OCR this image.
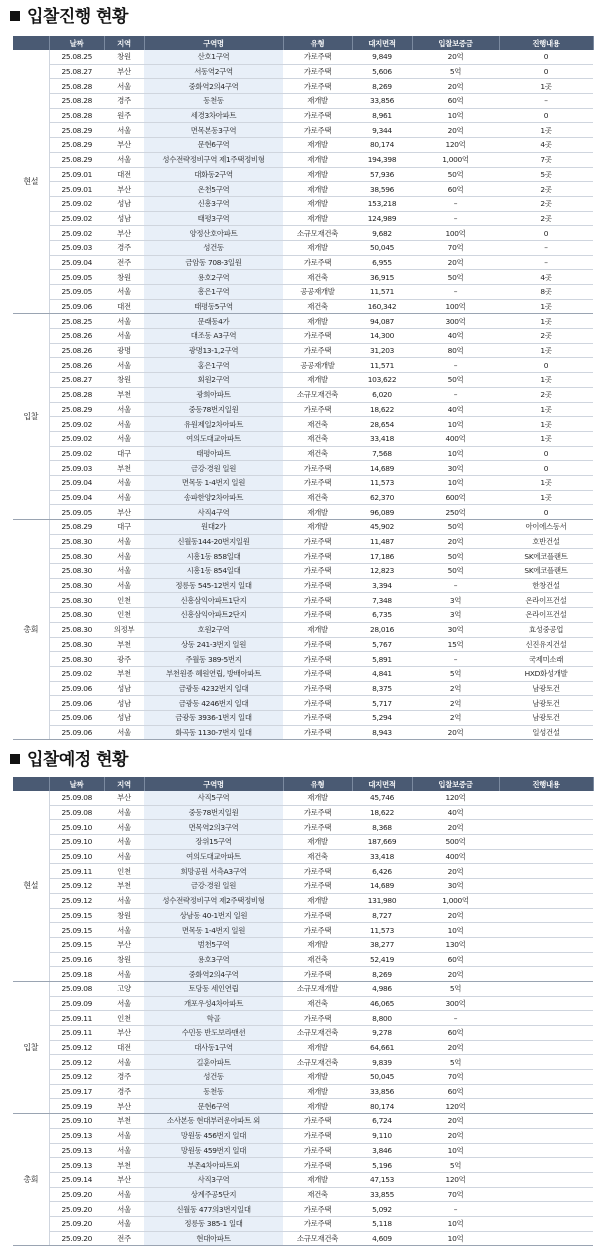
입찰진행 현황
	날짜	지역	구역명	유형	대지면적	입찰보증금	진행내용
현설	25.08.25	창원	산호1구역	가로주택	9,849	20억	0
	25.08.27	부산	서동역2구역	가로주택	5,606	5억	0
	25.08.28	서울	중화역2의4구역	가로주택	8,269	20억	1곳
	25.08.28	경주	동천동	재개발	33,856	60억	–
	25.08.28	원주	세경3차아파트	가로주택	8,961	10억	0
	25.08.29	서울	면목본동3구역	가로주택	9,344	20억	1곳
	25.08.29	부산	문현6구역	재개발	80,174	120억	4곳
	25.08.29	서울	성수전략정비구역 제1주택정비형	재개발	194,398	1,000억	7곳
	25.09.01	대전	대화동2구역	재개발	57,936	50억	5곳
	25.09.01	부산	온천5구역	재개발	38,596	60억	2곳
	25.09.02	성남	신흥3구역	재개발	153,218	–	2곳
	25.09.02	성남	태평3구역	재개발	124,989	–	2곳
	25.09.02	부산	양정산호아파트	소규모재건축	9,682	100억	0
	25.09.03	경주	성건동	재개발	50,045	70억	–
	25.09.04	전주	금암동 708-3일원	가로주택	6,955	20억	–
	25.09.05	창원	용호2구역	재건축	36,915	50억	4곳
	25.09.05	서울	흥은1구역	공공재개발	11,571	–	8곳
	25.09.06	대전	태평동5구역	재건축	160,342	100억	1곳
입찰	25.08.25	서울	문래동4가	재개발	94,087	300억	1곳
	25.08.26	서울	대조동 A3구역	가로주택	14,300	40억	2곳
	25.08.26	광명	광명13-1,2구역	가로주택	31,203	80억	1곳
	25.08.26	서울	홍은1구역	공공재개발	11,571	–	0
	25.08.27	창원	회원2구역	재개발	103,622	50억	1곳
	25.08.28	부천	광희아파트	소규모재건축	6,020	–	2곳
	25.08.29	서울	중동78번지일원	가로주택	18,622	40억	1곳
	25.09.02	서울	유원제일2차아파트	재건축	28,654	10억	1곳
	25.09.02	서울	여의도대교아파트	재건축	33,418	400억	1곳
	25.09.02	대구	태평아파트	재건축	7,568	10억	0
	25.09.03	부천	금강·경원 일원	가로주택	14,689	30억	0
	25.09.04	서울	면목동 1-4번지 일원	가로주택	11,573	10억	1곳
	25.09.04	서울	송파한양2차아파트	재건축	62,370	600억	1곳
	25.09.05	부산	사직4구역	재개발	96,089	250억	0
총회	25.08.29	대구	원대2가	재개발	45,902	50억	아이에스동서
	25.08.30	서울	신월동144-20번지일원	가로주택	11,487	20억	호반건설
	25.08.30	서울	시흥1동 858일대	가로주택	17,186	50억	SK에코플랜트
	25.08.30	서울	시흥1동 854일대	가로주택	12,823	50억	SK에코플랜트
	25.08.30	서울	정릉동 545-12번지 일대	가로주택	3,394	–	한창건설
	25.08.30	인천	신흥삼익아파트1단지	가로주택	7,348	3억	온라이프건설
	25.08.30	인천	신흥삼익아파트2단지	가로주택	6,735	3억	온라이프건설
	25.08.30	의정부	호원2구역	재개발	28,016	30억	효성중공업
	25.08.30	부천	상동 241-3번지 일원	가로주택	5,767	15억	신진유지건설
	25.08.30	광주	주월동 389-5번지	가로주택	5,891	–	국제미소래
	25.09.02	부천	부천원종 혜원연립, 방배아파트	가로주택	4,841	5억	HXD화성개발
	25.09.06	성남	금광동 4232번지 일대	가로주택	8,375	2억	남광토건
	25.09.06	성남	금광동 4246번지 일대	가로주택	5,717	2억	남광토건
	25.09.06	성남	금광동 3936-1번지 일대	가로주택	5,294	2억	남광토건
	25.09.06	서울	화곡동 1130-7번지 일대	가로주택	8,943	20억	일성건설
입찰예정 현황
	날짜	지역	구역명	유형	대지면적	입찰보증금	진행내용
현설	25.09.08	부산	사직5구역	재개발	45,746	120억	
	25.09.08	서울	중동78번지일원	가로주택	18,622	40억	
	25.09.10	서울	면목역2의3구역	가로주택	8,368	20억	
	25.09.10	서울	장위15구역	재개발	187,669	500억	
	25.09.10	서울	여의도대교아파트	재건축	33,418	400억	
	25.09.11	인천	희망공원 서측A3구역	가로주택	6,426	20억	
	25.09.12	부천	금강·경원 일원	가로주택	14,689	30억	
	25.09.12	서울	성수전략정비구역 제2주택정비형	재개발	131,980	1,000억	
	25.09.15	창원	상남동 40-1번지 일원	가로주택	8,727	20억	
	25.09.15	서울	면목동 1-4번지 일원	가로주택	11,573	10억	
	25.09.15	부산	범천5구역	재개발	38,277	130억	
	25.09.16	창원	용호3구역	재건축	52,419	60억	
	25.09.18	서울	중화역2의4구역	가로주택	8,269	20억	
입찰	25.09.08	고양	토당동 세인연립	소규모재개발	4,986	5억	
	25.09.09	서울	개포우성4차아파트	재건축	46,065	300억	
	25.09.11	인천	학골	가로주택	8,800	–	
	25.09.11	부산	수민동 반도보라맨션	소규모재건축	9,278	60억	
	25.09.12	대전	대사동1구역	재개발	64,661	20억	
	25.09.12	서울	길훈아파트	소규모재건축	9,839	5억	
	25.09.12	경주	성건동	재개발	50,045	70억	
	25.09.17	경주	동천동	재개발	33,856	60억	
	25.09.19	부산	문현6구역	재개발	80,174	120억	
총회	25.09.10	부천	소사본동 현대부러운아파트 외	가로주택	6,724	20억	
	25.09.13	서울	망원동 456번지 일대	가로주택	9,110	20억	
	25.09.13	서울	망원동 459번지 일대	가로주택	3,846	10억	
	25.09.13	부천	부촌4차아파트외	가로주택	5,196	5억	
	25.09.14	부산	사직3구역	재개발	47,153	120억	
	25.09.20	서울	상계주공5단지	재건축	33,855	70억	
	25.09.20	서울	신월동 477의3번지일대	가로주택	5,092	–	
	25.09.20	서울	정릉동 385-1 일대	가로주택	5,118	10억	
	25.09.20	전주	현대아파트	소규모재건축	4,609	10억	
